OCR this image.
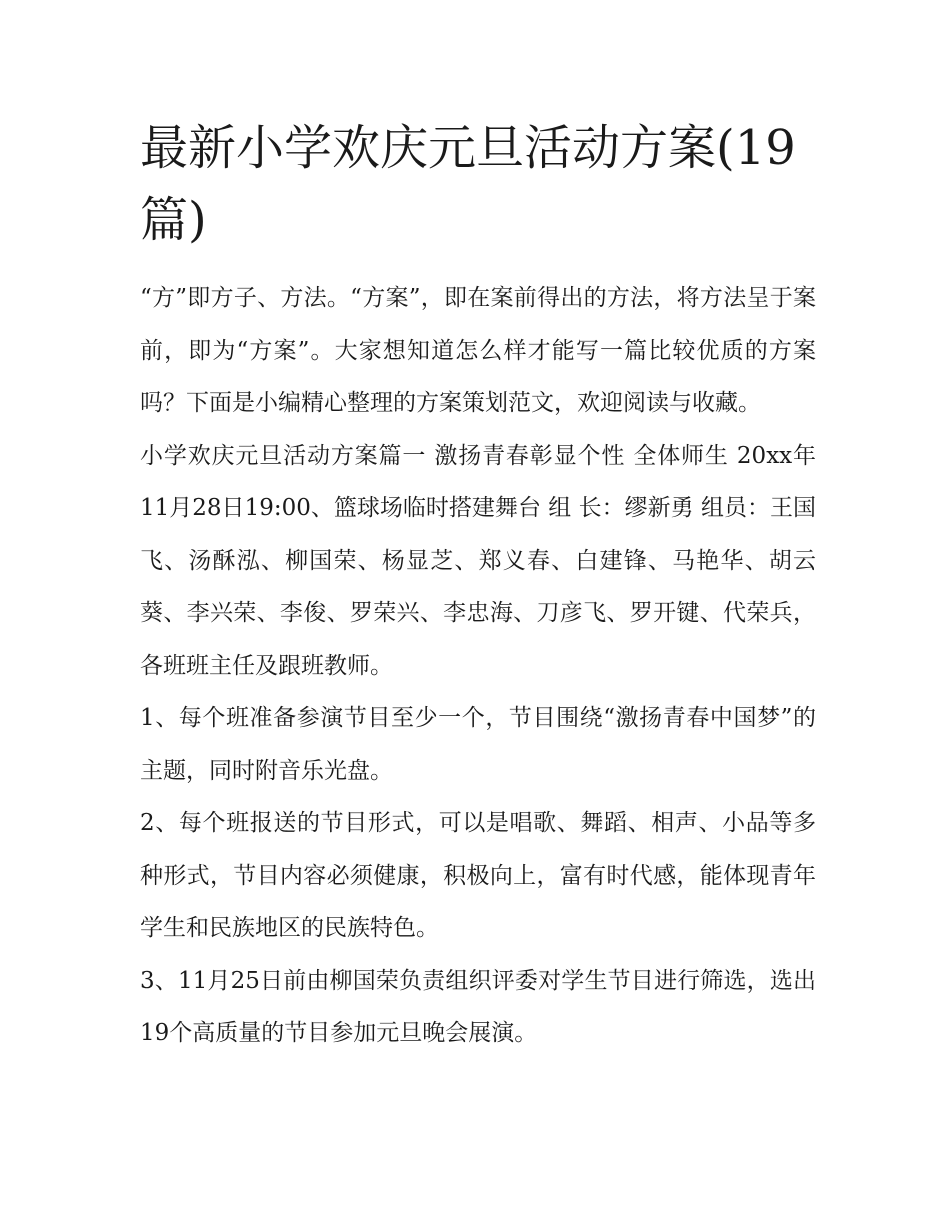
最新小学欢庆元旦活动方案(19篇)

“方”即方子、方法。“方案”，即在案前得出的方法，将方法呈于案前，即为“方案”。大家想知道怎么样才能写一篇比较优质的方案吗？下面是小编精心整理的方案策划范文，欢迎阅读与收藏。

小学欢庆元旦活动方案篇一 激扬青春彰显个性 全体师生 20xx年11月28日19:00、篮球场临时搭建舞台 组 长：缪新勇 组员：王国飞、汤酥泓、柳国荣、杨显芝、郑义春、白建锋、马艳华、胡云葵、李兴荣、李俊、罗荣兴、李忠海、刀彦飞、罗开键、代荣兵，各班班主任及跟班教师。

1、每个班准备参演节目至少一个，节目围绕“激扬青春中国梦”的主题，同时附音乐光盘。

2、每个班报送的节目形式，可以是唱歌、舞蹈、相声、小品等多种形式，节目内容必须健康，积极向上，富有时代感，能体现青年学生和民族地区的民族特色。

3、11月25日前由柳国荣负责组织评委对学生节目进行筛选，选出19个高质量的节目参加元旦晚会展演。
